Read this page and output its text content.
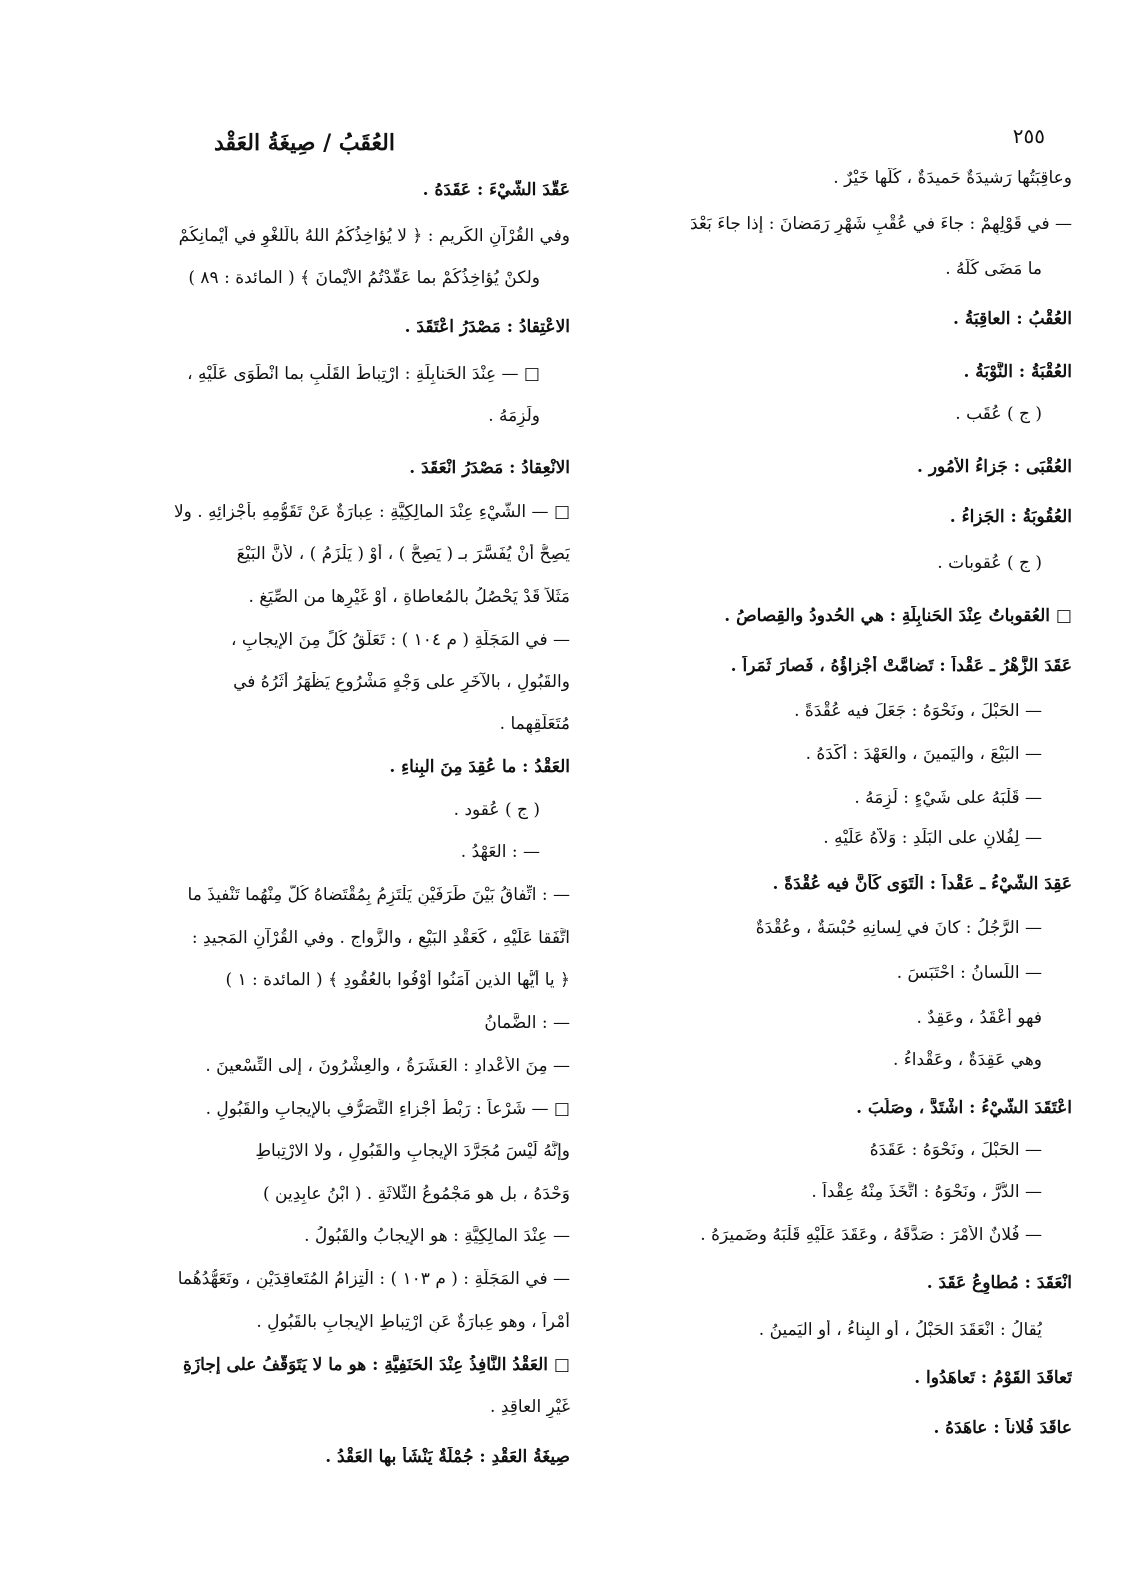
العُقَبُ / صِيغَةُ العَقْد	٢٥٥
وعاقِبَتُها رَشيدَةٌ حَميدَةٌ ، كُلُّها خَيْرٌ .
— في قَوْلِهِمْ : جاءَ في عُقْبِ شَهْرِ رَمَضانَ : إذا جاءَ بَعْدَ
ما مَضَى كُلُّهُ .
العُقْبُ : العاقِبَةُ .
العُقْبَةُ : النَّوْبَةُ .
( ج ) عُقَب .
العُقْبَى : جَزاءُ الأُمُور .
العُقُوبَةُ : الجَزاءُ .
( ج ) عُقوبات .
□ العُقوباتُ عِنْدَ الحَنابِلَةِ : هي الحُدودُ والقِصاصُ .
عَقَدَ الزَّهْرُ ـ عَقْداً : تَضامَّتْ أَجْزاؤُهُ ، فَصارَ ثَمَراً .
— الحَبْلَ ، ونَحْوَهُ : جَعَلَ فيه عُقْدَةً .
— البَيْعَ ، واليَمينَ ، والعَهْدَ : أَكَّدَهُ .
— قَلْبَهُ على شَيْءٍ : لَزِمَهُ .
— لِفُلانٍ على البَلَدِ : وَلاَّهُ عَلَيْهِ .
عَقِدَ الشَّيْءُ ـ عَقْداً : الْتَوَى كَأَنَّ فيه عُقْدَةً .
— الرَّجُلُ : كانَ في لِسانِهِ حُبْسَةٌ ، وعُقْدَةٌ
— اللِّسانُ : احْتَبَسَ .
فهو أَعْقَدُ ، وعَقِدٌ .
وهي عَقِدَةٌ ، وعَقْداءُ .
اعْتَقَدَ الشَّيْءُ : اشْتَدَّ ، وصَلُبَ .
— الحَبْلَ ، ونَحْوَهُ : عَقَدَهُ
— الدُّرَّ ، ونَحْوَهُ : اتَّخَذَ مِنْهُ عِقْداً .
— فُلانٌ الأَمْرَ : صَدَّقَهُ ، وعَقَدَ عَلَيْهِ قَلْبَهُ وضَميرَهُ .
انْعَقَدَ : مُطاوِعُ عَقَدَ .
يُقالُ : انْعَقَدَ الحَبْلُ ، أو البِناءُ ، أو اليَمينُ .
تَعاقَدَ القَوْمُ : تَعاهَدُوا .
عاقَدَ فُلاناً : عاهَدَهُ .
عَقَّدَ الشَّيْءَ : عَقَدَهُ .
وفي القُرْآنِ الكَريمِ : ﴿ لا يُؤاخِذُكُمُ اللهُ بالَّلغْوِ في أَيْمانِكُمْ
ولكنْ يُؤاخِذُكُمْ بما عَقَّدْتُمُ الأَيْمانَ ﴾ ( المائدة : ٨٩ )
الاعْتِقادُ : مَصْدَرُ اعْتَقَدَ .
□ — عِنْدَ الحَنابِلَةِ : ارْتِباطُ القَلْبِ بما انْطَوَى عَلَيْهِ ،
ولَزِمَهُ .
الانْعِقادُ : مَصْدَرُ انْعَقَدَ .
□ — الشَّيْءِ عِنْدَ المالِكِيَّةِ : عِبارَةٌ عَنْ تَقَوُّمِهِ بأَجْزائِهِ . ولا
يَصِحُّ أَنْ يُفَسَّرَ بـ ( يَصِحُّ ) ، أوْ ( يَلْزَمُ ) ، لأَنَّ البَيْعَ
مَثَلاً قَدْ يَحْصُلُ بالمُعاطاةِ ، أوْ غَيْرِها من الصِّيَغِ .
— في المَجَلَّةِ ( م ١٠٤ ) : تَعَلُّقُ كُلٍّ مِنَ الإيجابِ ،
والقَبُولِ ، بالآخَرِ على وَجْهٍ مَشْرُوعٍ يَظْهَرُ أَثَرُهُ في
مُتَعَلَّقِهِما .
العَقْدُ : ما عُقِدَ مِنَ البِناءِ .
( ج ) عُقود .
— : العَهْدُ .
— : اتِّفاقُ بَيْنَ طَرَفَيْنِ يَلْتَزِمُ بِمُقْتَضاهُ كُلٌّ مِنْهُما تَنْفيذَ ما
اتَّفَقا عَلَيْهِ ، كَعَقْدِ البَيْعِ ، والزَّواجِ . وفي القُرْآنِ المَجيدِ :
﴿ يا أَيُّها الذين آمَنُوا أَوْفُوا بالعُقُودِ ﴾ ( المائدة : ١ )
— : الضَّمانُ
— مِنَ الأَعْدادِ : العَشَرَةُ ، والعِشْرُونَ ، إلى التِّسْعينَ .
□ — شَرْعاً : رَبْطُ أَجْزاءِ التَّصَرُّفِ بالإيجابِ والقَبُولِ .
وإنَّهُ لَيْسَ مُجَرَّدَ الإيجابِ والقَبُولِ ، ولا الارْتِباطِ
وَحْدَهُ ، بل هو مَجْمُوعُ الثَّلاثَةِ . ( ابْنُ عابِدِين )
— عِنْدَ المالِكِيَّةِ : هو الإيجابُ والقَبُولُ .
— في المَجَلَّةِ : ( م ١٠٣ ) : الْتِزامُ المُتَعاقِدَيْنِ ، وتَعَهُّدُهُما
أَمْراً ، وهو عِبارَةٌ عَنِ ارْتِباطِ الإيجابِ بالقَبُولِ .
□ العَقْدُ النَّافِذُ عِنْدَ الحَنَفِيَّةِ : هو ما لا يَتَوَقَّفُ على إجازَةِ
غَيْرِ العاقِدِ .
صِيغَةُ العَقْدِ : جُمْلَةٌ يَنْشَأُ بها العَقْدُ .
